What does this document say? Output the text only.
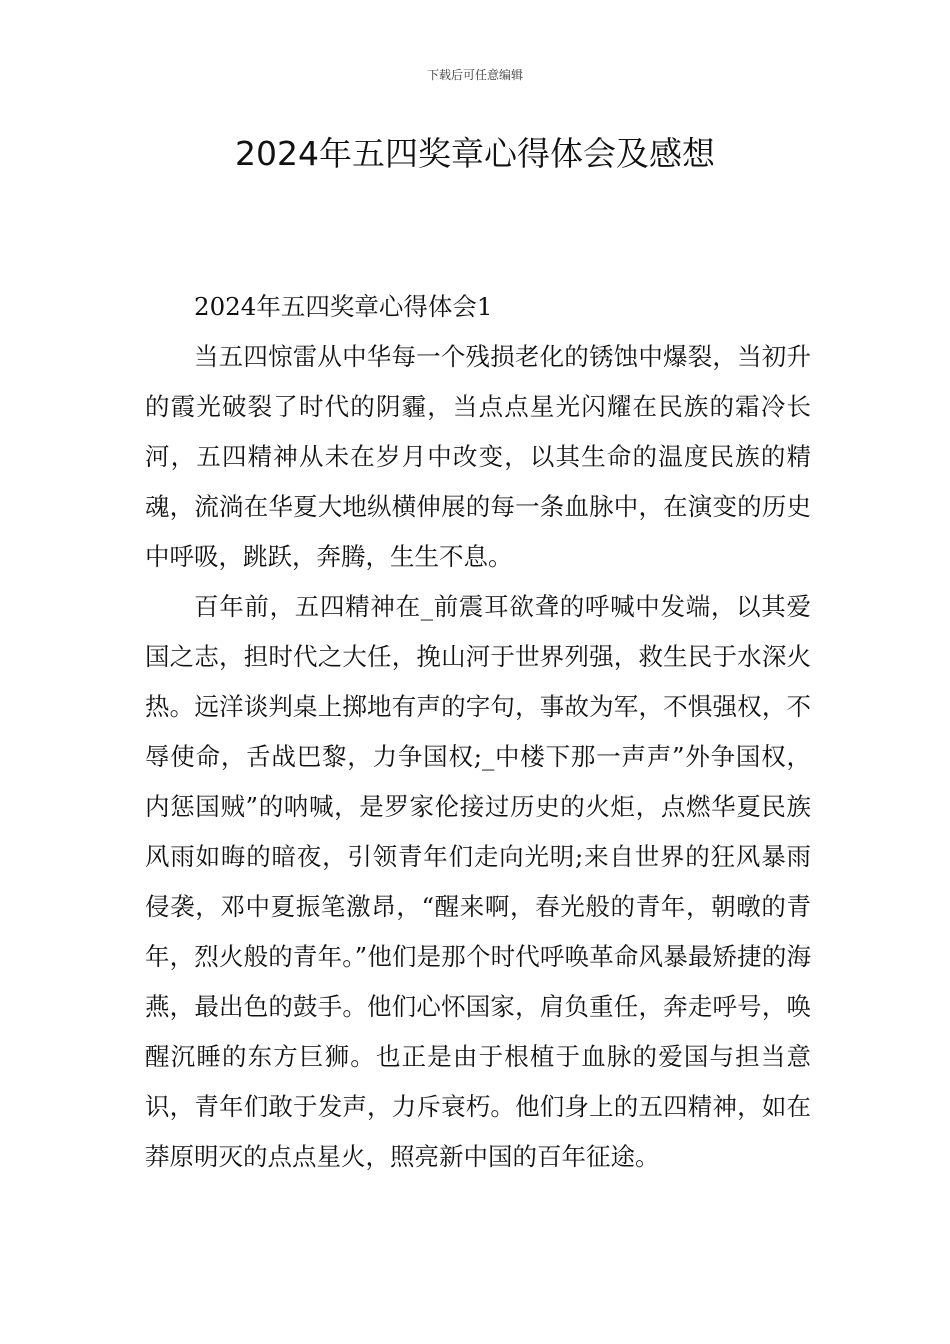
下载后可任意编辑
2024年五四奖章心得体会及感想

2024年五四奖章心得体会1

当五四惊雷从中华每一个残损老化的锈蚀中爆裂，当初升的霞光破裂了时代的阴霾，当点点星光闪耀在民族的霜冷长河，五四精神从未在岁月中改变，以其生命的温度民族的精魂，流淌在华夏大地纵横伸展的每一条血脉中，在演变的历史中呼吸，跳跃，奔腾，生生不息。

百年前，五四精神在_前震耳欲聋的呼喊中发端，以其爱国之志，担时代之大任，挽山河于世界列强，救生民于水深火热。远洋谈判桌上掷地有声的字句，事故为军，不惧强权，不辱使命，舌战巴黎，力争国权;_中楼下那一声声”外争国权，内惩国贼”的呐喊，是罗家伦接过历史的火炬，点燃华夏民族风雨如晦的暗夜，引领青年们走向光明;来自世界的狂风暴雨侵袭，邓中夏振笔激昂，“醒来啊，春光般的青年，朝暾的青年，烈火般的青年。”他们是那个时代呼唤革命风暴最矫捷的海燕，最出色的鼓手。他们心怀国家，肩负重任，奔走呼号，唤醒沉睡的东方巨狮。也正是由于根植于血脉的爱国与担当意识，青年们敢于发声，力斥衰朽。他们身上的五四精神，如在莽原明灭的点点星火，照亮新中国的百年征途。
